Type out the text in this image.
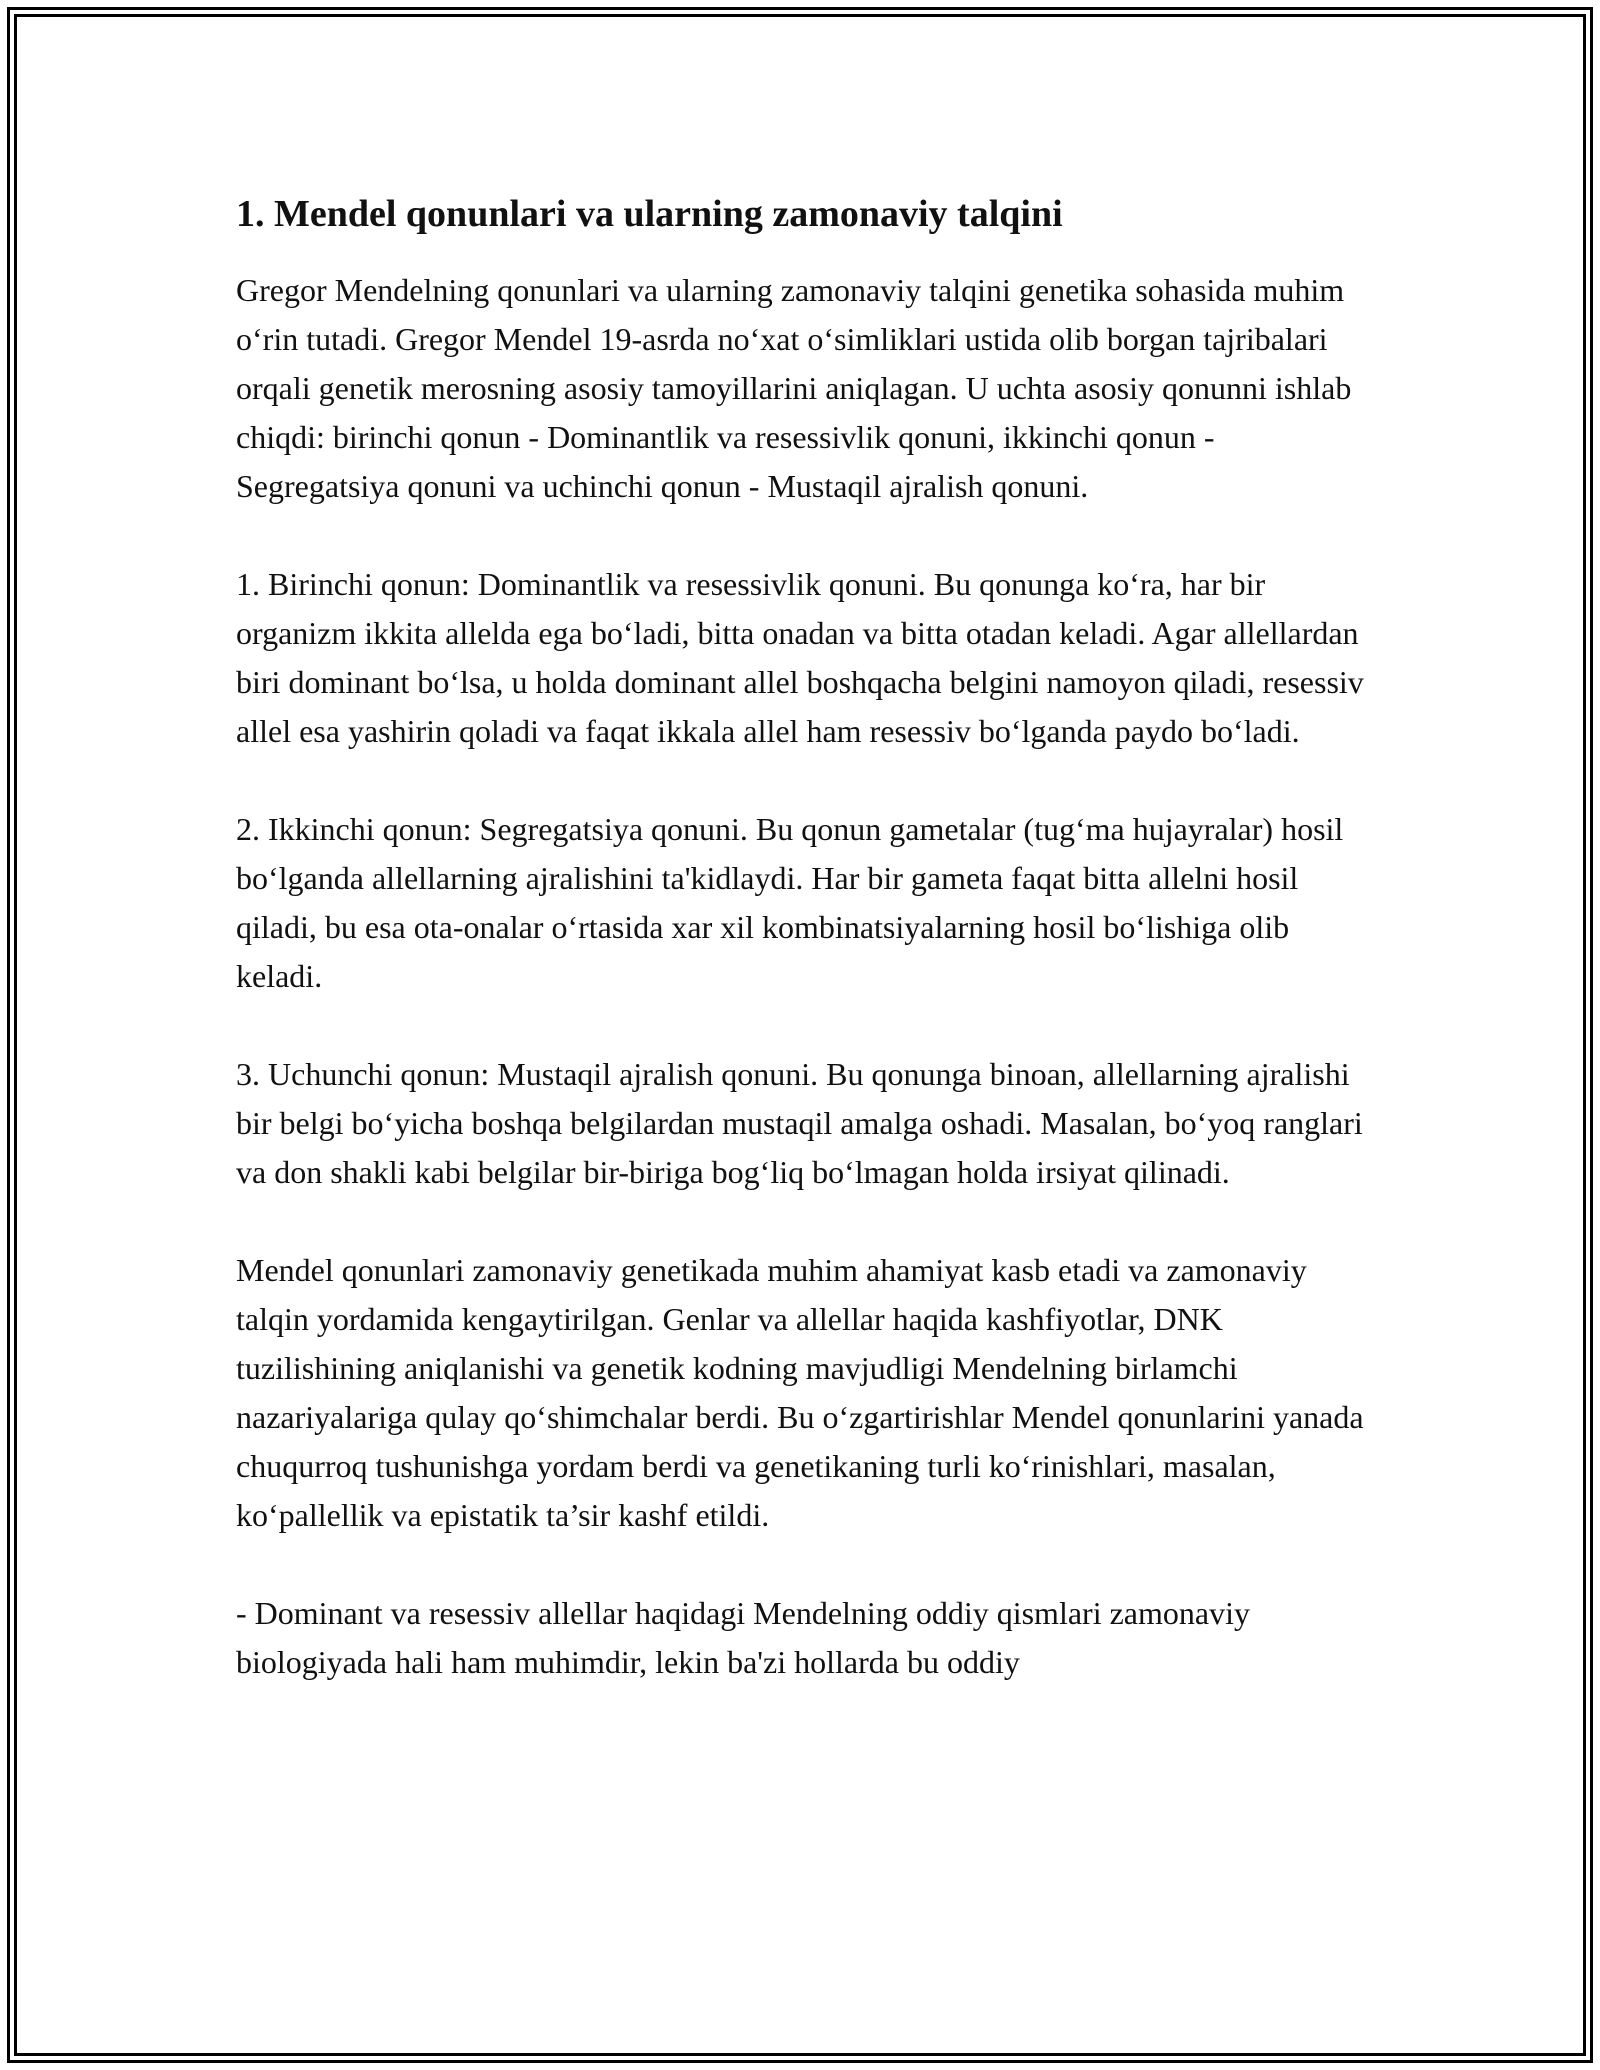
1. Mendel qonunlari va ularning zamonaviy talqini

Gregor Mendelning qonunlari va ularning zamonaviy talqini genetika sohasida muhim o‘rin tutadi. Gregor Mendel 19-asrda no‘xat o‘simliklari ustida olib borgan tajribalari orqali genetik merosning asosiy tamoyillarini aniqlagan. U uchta asosiy qonunni ishlab chiqdi: birinchi qonun - Dominantlik va resessivlik qonuni, ikkinchi qonun - Segregatsiya qonuni va uchinchi qonun - Mustaqil ajralish qonuni.

1. Birinchi qonun: Dominantlik va resessivlik qonuni. Bu qonunga ko‘ra, har bir organizm ikkita allelda ega bo‘ladi, bitta onadan va bitta otadan keladi. Agar allellardan biri dominant bo‘lsa, u holda dominant allel boshqacha belgini namoyon qiladi, resessiv allel esa yashirin qoladi va faqat ikkala allel ham resessiv bo‘lganda paydo bo‘ladi.

2. Ikkinchi qonun: Segregatsiya qonuni. Bu qonun gametalar (tug‘ma hujayralar) hosil bo‘lganda allellarning ajralishini ta'kidlaydi. Har bir gameta faqat bitta allelni hosil qiladi, bu esa ota-onalar o‘rtasida xar xil kombinatsiyalarning hosil bo‘lishiga olib keladi.

3. Uchunchi qonun: Mustaqil ajralish qonuni. Bu qonunga binoan, allellarning ajralishi bir belgi bo‘yicha boshqa belgilardan mustaqil amalga oshadi. Masalan, bo‘yoq ranglari va don shakli kabi belgilar bir-biriga bog‘liq bo‘lmagan holda irsiyat qilinadi.

Mendel qonunlari zamonaviy genetikada muhim ahamiyat kasb etadi va zamonaviy talqin yordamida kengaytirilgan. Genlar va allellar haqida kashfiyotlar, DNK tuzilishining aniqlanishi va genetik kodning mavjudligi Mendelning birlamchi nazariyalariga qulay qo‘shimchalar berdi. Bu o‘zgartirishlar Mendel qonunlarini yanada chuqurroq tushunishga yordam berdi va genetikaning turli ko‘rinishlari, masalan, ko‘pallellik va epistatik ta’sir kashf etildi.

- Dominant va resessiv allellar haqidagi Mendelning oddiy qismlari zamonaviy biologiyada hali ham muhimdir, lekin ba'zi hollarda bu oddiy
